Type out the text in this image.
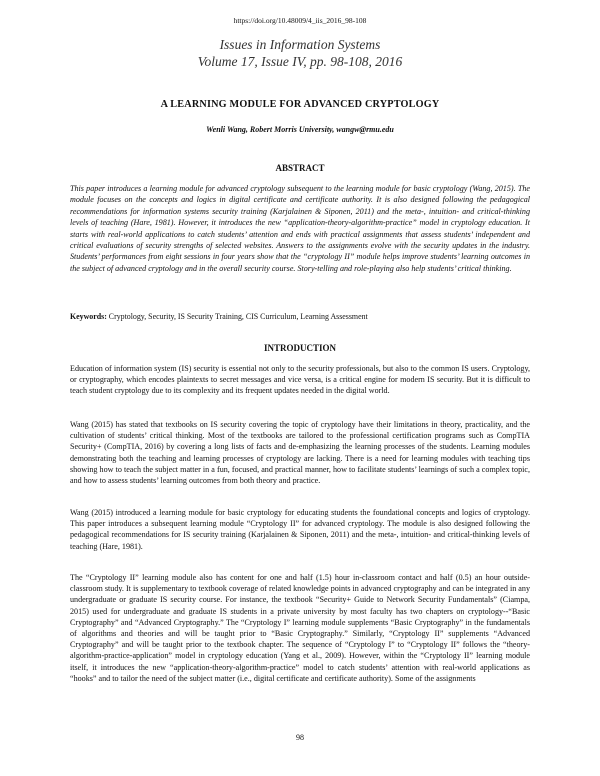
https://doi.org/10.48009/4_iis_2016_98-108
Issues in Information Systems
Volume 17, Issue IV, pp. 98-108, 2016
A LEARNING MODULE FOR ADVANCED CRYPTOLOGY
Wenli Wang, Robert Morris University, wangw@rmu.edu
ABSTRACT
This paper introduces a learning module for advanced cryptology subsequent to the learning module for basic cryptology (Wang, 2015). The module focuses on the concepts and logics in digital certificate and certificate authority. It is also designed following the pedagogical recommendations for information systems security training (Karjalainen & Siponen, 2011) and the meta-, intuition- and critical-thinking levels of teaching (Hare, 1981). However, it introduces the new “application-theory-algorithm-practice” model in cryptology education. It starts with real-world applications to catch students’ attention and ends with practical assignments that assess students’ independent and critical evaluations of security strengths of selected websites. Answers to the assignments evolve with the security updates in the industry. Students’ performances from eight sessions in four years show that the “cryptology II” module helps improve students’ learning outcomes in the subject of advanced cryptology and in the overall security course. Story-telling and role-playing also help students’ critical thinking.
Keywords: Cryptology, Security, IS Security Training, CIS Curriculum, Learning Assessment
INTRODUCTION

Education of information system (IS) security is essential not only to the security professionals, but also to the common IS users. Cryptology, or cryptography, which encodes plaintexts to secret messages and vice versa, is a critical engine for modern IS security. But it is difficult to teach student cryptology due to its complexity and its frequent updates needed in the digital world.

Wang (2015) has stated that textbooks on IS security covering the topic of cryptology have their limitations in theory, practicality, and the cultivation of students’ critical thinking. Most of the textbooks are tailored to the professional certification programs such as CompTIA Security+ (CompTIA, 2016) by covering a long lists of facts and de-emphasizing the learning processes of the students. Learning modules demonstrating both the teaching and learning processes of cryptology are lacking. There is a need for learning modules with teaching tips showing how to teach the subject matter in a fun, focused, and practical manner, how to facilitate students’ learnings of such a complex topic, and how to assess students’ learning outcomes from both theory and practice.

Wang (2015) introduced a learning module for basic cryptology for educating students the foundational concepts and logics of cryptology. This paper introduces a subsequent learning module “Cryptology II” for advanced cryptology. The module is also designed following the pedagogical recommendations for IS security training (Karjalainen & Siponen, 2011) and the meta-, intuition- and critical-thinking levels of teaching (Hare, 1981).

The “Cryptology II” learning module also has content for one and half (1.5) hour in-classroom contact and half (0.5) an hour outside-classroom study. It is supplementary to textbook coverage of related knowledge points in advanced cryptography and can be integrated in any undergraduate or graduate IS security course. For instance, the textbook “Security+ Guide to Network Security Fundamentals” (Ciampa, 2015) used for undergraduate and graduate IS students in a private university by most faculty has two chapters on cryptology--“Basic Cryptography” and “Advanced Cryptography.” The “Cryptology I” learning module supplements “Basic Cryptography” in the fundamentals of algorithms and theories and will be taught prior to “Basic Cryptography.” Similarly, “Cryptology II” supplements “Advanced Cryptography” and will be taught prior to the textbook chapter. The sequence of “Cryptology I” to “Cryptology II” follows the “theory-algorithm-practice-application” model in cryptology education (Yang et al., 2009). However, within the “Cryptology II” learning module itself, it introduces the new “application-theory-algorithm-practice” model to catch students’ attention with real-world applications as “hooks” and to tailor the need of the subject matter (i.e., digital certificate and certificate authority). Some of the assignments

98
